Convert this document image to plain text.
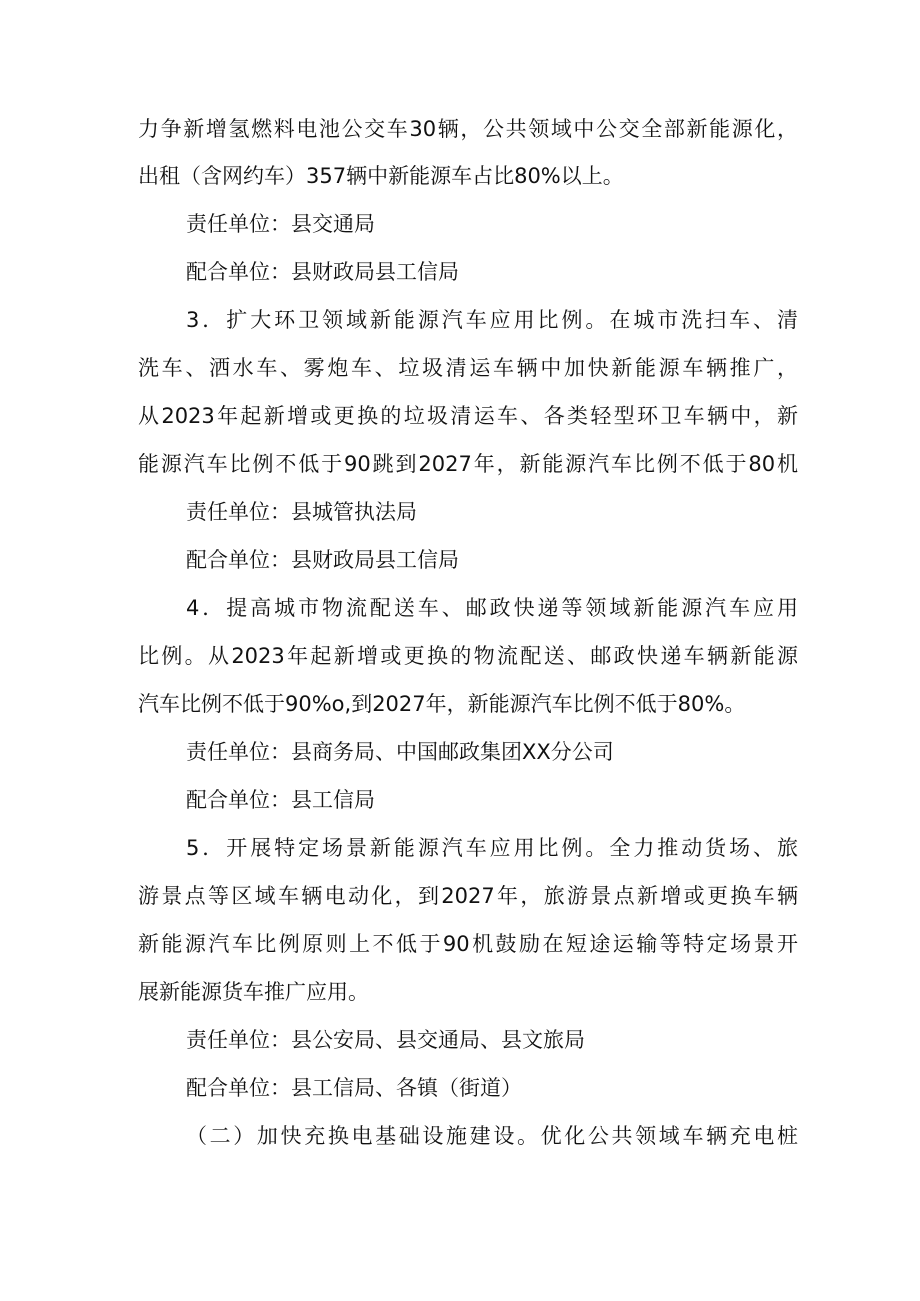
力争新增氢燃料电池公交车30辆，公共领域中公交全部新能源化，
出租（含网约车）357辆中新能源车占比80%以上。
责任单位：县交通局
配合单位：县财政局县工信局
3．扩大环卫领域新能源汽车应用比例。在城市洗扫车、清
洗车、洒水车、雾炮车、垃圾清运车辆中加快新能源车辆推广，
从2023年起新增或更换的垃圾清运车、各类轻型环卫车辆中，新
能源汽车比例不低于90跳到2027年，新能源汽车比例不低于80机
责任单位：县城管执法局
配合单位：县财政局县工信局
4．提高城市物流配送车、邮政快递等领域新能源汽车应用
比例。从2023年起新增或更换的物流配送、邮政快递车辆新能源
汽车比例不低于90%o,到2027年，新能源汽车比例不低于80%。
责任单位：县商务局、中国邮政集团XX分公司
配合单位：县工信局
5．开展特定场景新能源汽车应用比例。全力推动货场、旅
游景点等区域车辆电动化，到2027年，旅游景点新增或更换车辆
新能源汽车比例原则上不低于90机鼓励在短途运输等特定场景开
展新能源货车推广应用。
责任单位：县公安局、县交通局、县文旅局
配合单位：县工信局、各镇（街道）
（二）加快充换电基础设施建设。优化公共领域车辆充电桩
